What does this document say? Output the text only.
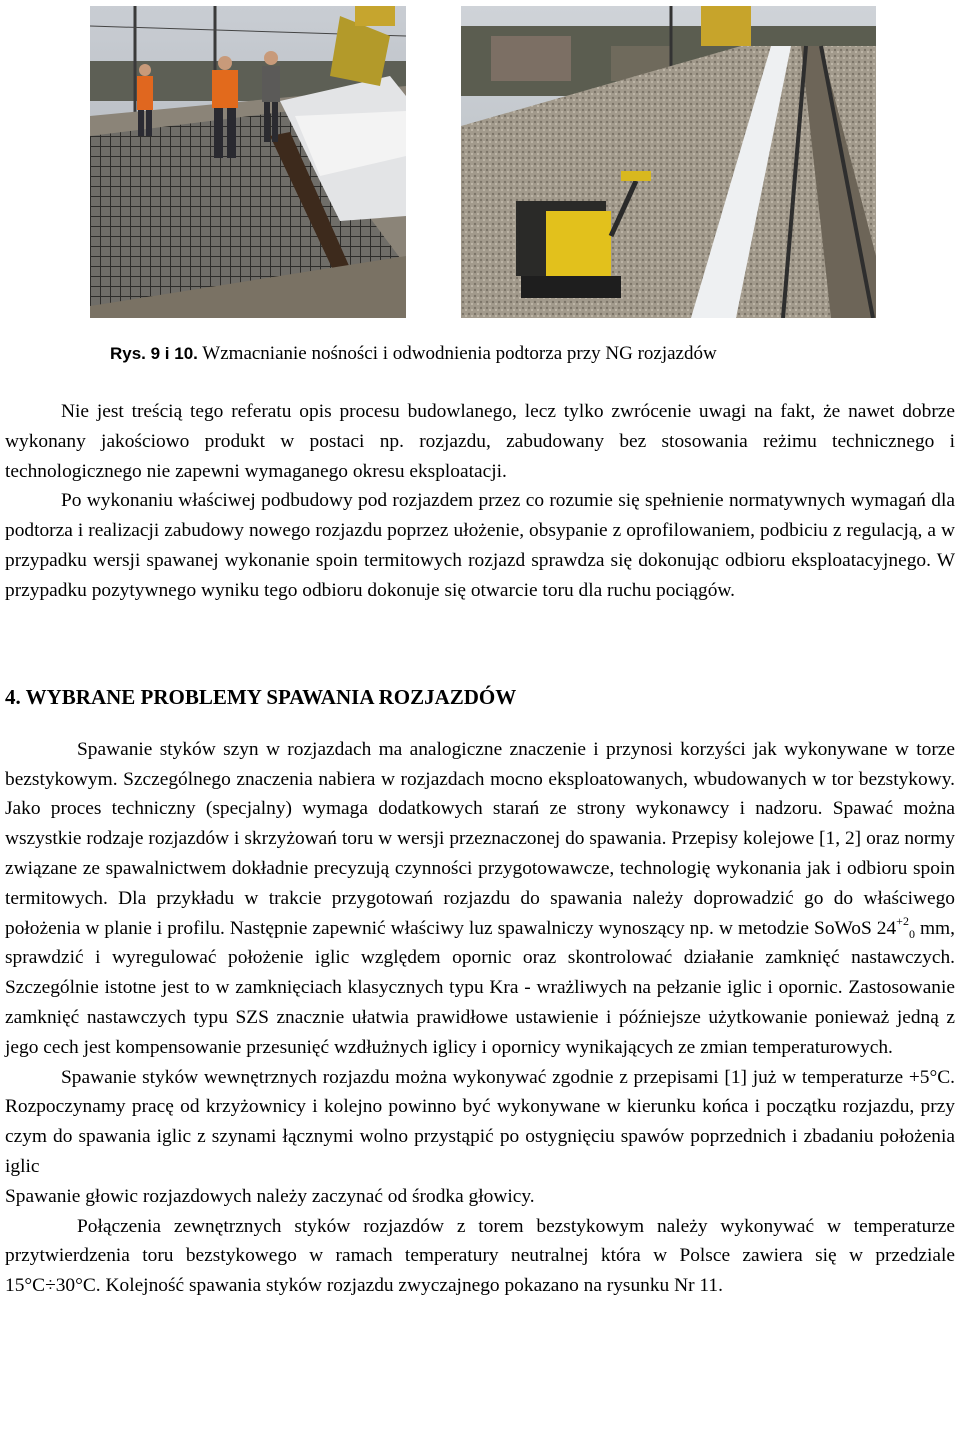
Rys. 9 i 10. Wzmacnianie nośności i odwodnienia podtorza przy NG rozjazdów

Nie jest treścią tego referatu opis procesu budowlanego, lecz tylko zwrócenie uwagi na fakt, że nawet dobrze wykonany jakościowo produkt w postaci np. rozjazdu, zabudowany bez stosowania reżimu technicznego i technologicznego nie zapewni wymaganego okresu eksploatacji.

Po wykonaniu właściwej podbudowy pod rozjazdem przez co rozumie się spełnienie normatywnych wymagań dla podtorza i realizacji zabudowy nowego rozjazdu poprzez ułożenie, obsypanie z oprofilowaniem, podbiciu z regulacją, a w przypadku wersji spawanej wykonanie spoin termitowych rozjazd sprawdza się dokonując odbioru eksploatacyjnego. W przypadku pozytywnego wyniku tego odbioru dokonuje się otwarcie toru dla ruchu pociągów.

4. WYBRANE PROBLEMY SPAWANIA ROZJAZDÓW

Spawanie styków szyn w rozjazdach ma analogiczne znaczenie i przynosi korzyści jak wykonywane w torze bezstykowym. Szczególnego znaczenia nabiera w rozjazdach mocno eksploatowanych, wbudowanych w tor bezstykowy. Jako proces techniczny (specjalny) wymaga dodatkowych starań ze strony wykonawcy i nadzoru. Spawać można wszystkie rodzaje rozjazdów i skrzyżowań toru w wersji przeznaczonej do spawania. Przepisy kolejowe [1, 2] oraz normy związane ze spawalnictwem dokładnie precyzują czynności przygotowawcze, technologię wykonania jak i odbioru spoin termitowych. Dla przykładu w trakcie przygotowań rozjazdu do spawania należy doprowadzić go do właściwego położenia w planie i profilu. Następnie zapewnić właściwy luz spawalniczy wynoszący np. w metodzie SoWoS $24^{+2}_0$ mm, sprawdzić i wyregulować położenie iglic względem opornic oraz skontrolować działanie zamknięć nastawczych. Szczególnie istotne jest to w zamknięciach klasycznych typu Kra - wrażliwych na pełzanie iglic i opornic. Zastosowanie zamknięć nastawczych typu SZS znacznie ułatwia prawidłowe ustawienie i późniejsze użytkowanie ponieważ jedną z jego cech jest kompensowanie przesunięć wzdłużnych iglicy i opornicy wynikających ze zmian temperaturowych.

Spawanie styków wewnętrznych rozjazdu można wykonywać zgodnie z przepisami [1] już w temperaturze +5°C. Rozpoczynamy pracę od krzyżownicy i kolejno powinno być wykonywane w kierunku końca i początku rozjazdu, przy czym do spawania iglic z szynami łącznymi wolno przystąpić po ostygnięciu spawów poprzednich i zbadaniu położenia iglic

Spawanie głowic rozjazdowych należy zaczynać od środka głowicy.

Połączenia zewnętrznych styków rozjazdów z torem bezstykowym należy wykonywać w temperaturze przytwierdzenia toru bezstykowego w ramach temperatury neutralnej która w Polsce zawiera się w przedziale 15°C÷30°C. Kolejność spawania styków rozjazdu zwyczajnego pokazano na rysunku Nr 11.
